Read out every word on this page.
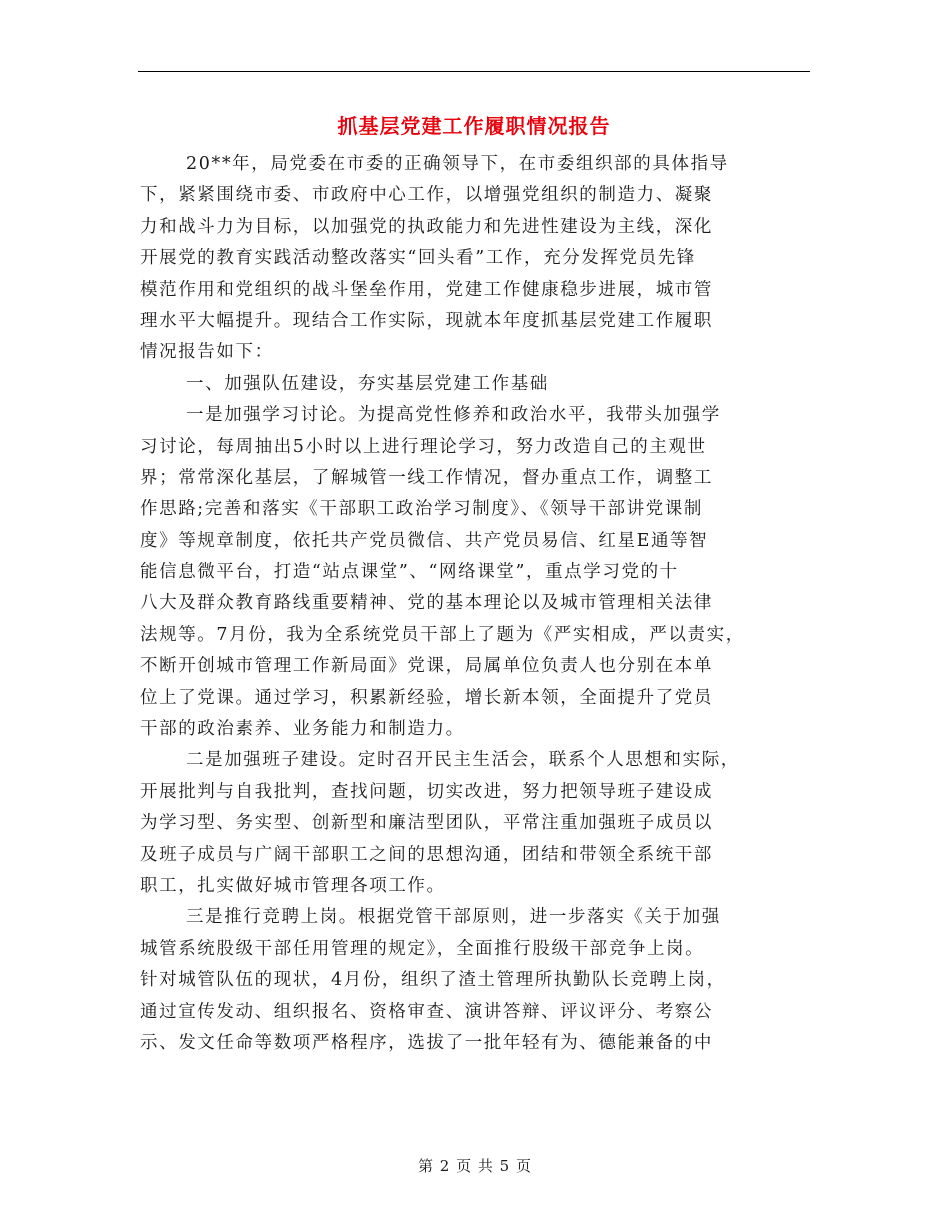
抓基层党建工作履职情况报告
20**年，局党委在市委的正确领导下，在市委组织部的具体指导
下，紧紧围绕市委、市政府中心工作，以增强党组织的制造力、凝聚
力和战斗力为目标，以加强党的执政能力和先进性建设为主线，深化
开展党的教育实践活动整改落实“回头看”工作，充分发挥党员先锋
模范作用和党组织的战斗堡垒作用，党建工作健康稳步进展，城市管
理水平大幅提升。现结合工作实际，现就本年度抓基层党建工作履职
情况报告如下：
一、加强队伍建设，夯实基层党建工作基础
一是加强学习讨论。为提高党性修养和政治水平，我带头加强学
习讨论，每周抽出5小时以上进行理论学习，努力改造自己的主观世
界；常常深化基层，了解城管一线工作情况，督办重点工作，调整工
作思路;完善和落实《干部职工政治学习制度》、《领导干部讲党课制
度》等规章制度，依托共产党员微信、共产党员易信、红星E通等智
能信息微平台，打造“站点课堂”、“网络课堂”，重点学习党的十
八大及群众教育路线重要精神、党的基本理论以及城市管理相关法律
法规等。7月份，我为全系统党员干部上了题为《严实相成，严以责实，
不断开创城市管理工作新局面》党课，局属单位负责人也分别在本单
位上了党课。通过学习，积累新经验，增长新本领，全面提升了党员
干部的政治素养、业务能力和制造力。
二是加强班子建设。定时召开民主生活会，联系个人思想和实际，
开展批判与自我批判，查找问题，切实改进，努力把领导班子建设成
为学习型、务实型、创新型和廉洁型团队，平常注重加强班子成员以
及班子成员与广阔干部职工之间的思想沟通，团结和带领全系统干部
职工，扎实做好城市管理各项工作。
三是推行竞聘上岗。根据党管干部原则，进一步落实《关于加强
城管系统股级干部任用管理的规定》，全面推行股级干部竞争上岗。
针对城管队伍的现状，4月份，组织了渣土管理所执勤队长竞聘上岗，
通过宣传发动、组织报名、资格审查、演讲答辩、评议评分、考察公
示、发文任命等数项严格程序，选拔了一批年轻有为、德能兼备的中
第 2 页 共 5 页
